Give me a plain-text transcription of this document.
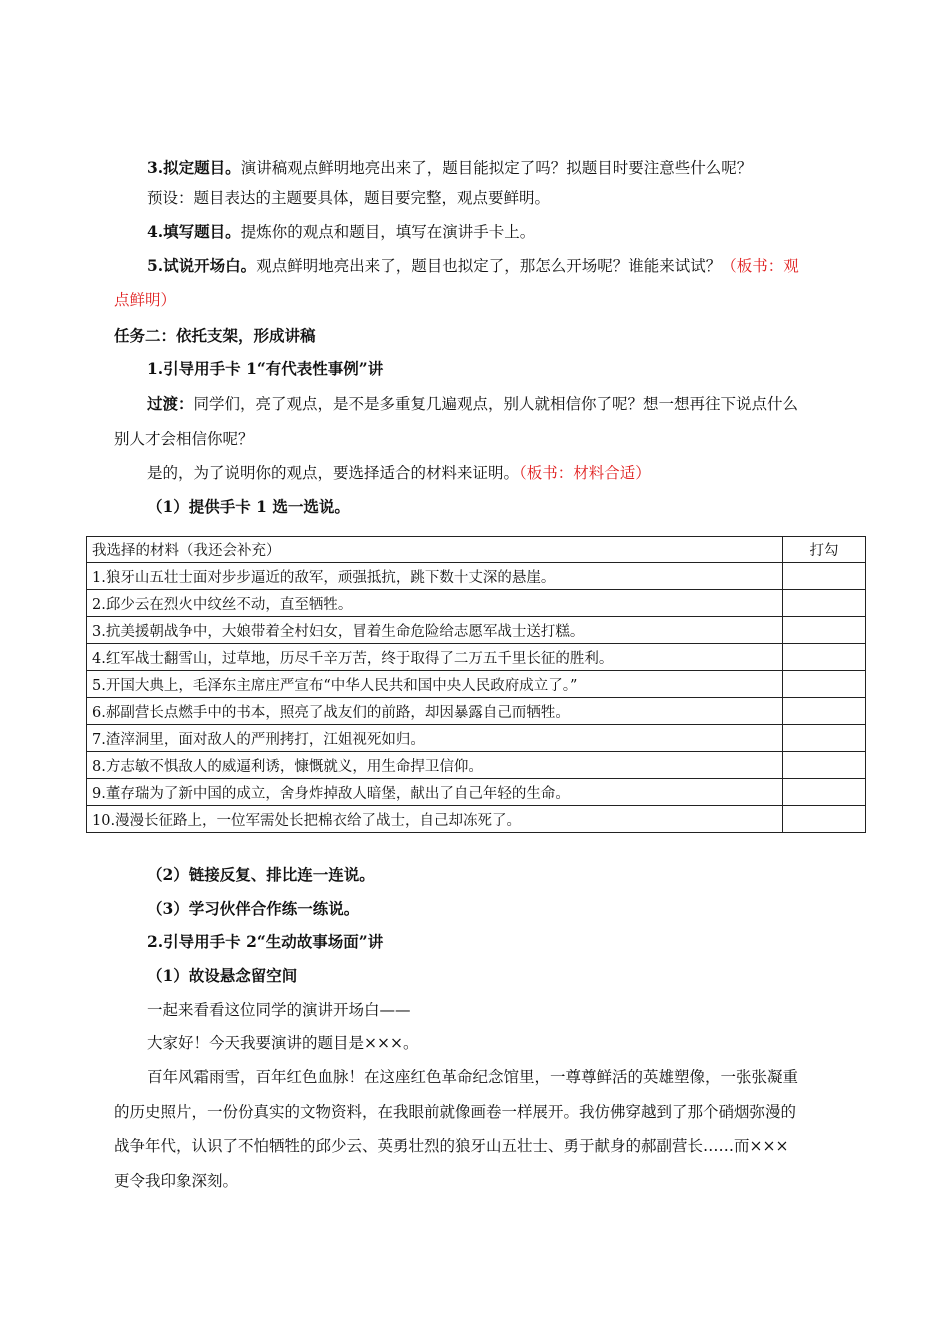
3.拟定题目。演讲稿观点鲜明地亮出来了，题目能拟定了吗？拟题目时要注意些什么呢？
预设：题目表达的主题要具体，题目要完整，观点要鲜明。
4.填写题目。提炼你的观点和题目，填写在演讲手卡上。
5.试说开场白。观点鲜明地亮出来了，题目也拟定了，那怎么开场呢？谁能来试试？（板书：观
点鲜明）
任务二：依托支架，形成讲稿
1.引导用手卡 1“有代表性事例”讲
过渡：同学们，亮了观点，是不是多重复几遍观点，别人就相信你了呢？想一想再往下说点什么
别人才会相信你呢？
是的，为了说明你的观点，要选择适合的材料来证明。（板书：材料合适）
（1）提供手卡 1 选一选说。
我选择的材料（我还会补充）	打勾
1.狼牙山五壮士面对步步逼近的敌军，顽强抵抗，跳下数十丈深的悬崖。	
2.邱少云在烈火中纹丝不动，直至牺牲。	
3.抗美援朝战争中，大娘带着全村妇女，冒着生命危险给志愿军战士送打糕。	
4.红军战士翻雪山，过草地，历尽千辛万苦，终于取得了二万五千里长征的胜利。	
5.开国大典上，毛泽东主席庄严宣布“中华人民共和国中央人民政府成立了。”	
6.郝副营长点燃手中的书本，照亮了战友们的前路，却因暴露自己而牺牲。	
7.渣滓洞里，面对敌人的严刑拷打，江姐视死如归。	
8.方志敏不惧敌人的威逼利诱，慷慨就义，用生命捍卫信仰。	
9.董存瑞为了新中国的成立，舍身炸掉敌人暗堡，献出了自己年轻的生命。	
10.漫漫长征路上，一位军需处长把棉衣给了战士，自己却冻死了。	
（2）链接反复、排比连一连说。
（3）学习伙伴合作练一练说。
2.引导用手卡 2“生动故事场面”讲
（1）故设悬念留空间
一起来看看这位同学的演讲开场白——
大家好！今天我要演讲的题目是×××。
百年风霜雨雪，百年红色血脉！在这座红色革命纪念馆里，一尊尊鲜活的英雄塑像，一张张凝重
的历史照片，一份份真实的文物资料，在我眼前就像画卷一样展开。我仿佛穿越到了那个硝烟弥漫的
战争年代，认识了不怕牺牲的邱少云、英勇壮烈的狼牙山五壮士、勇于献身的郝副营长……而×××
更令我印象深刻。
